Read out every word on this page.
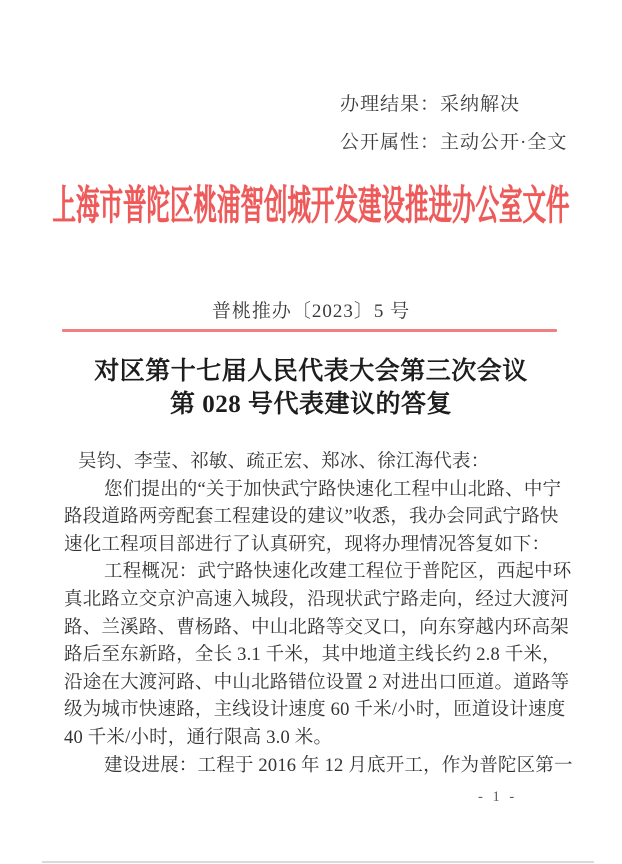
办理结果：采纳解决
公开属性：主动公开·全文
上海市普陀区桃浦智创城开发建设推进办公室文件
普桃推办〔2023〕5 号
对区第十七届人民代表大会第三次会议
第 028 号代表建议的答复
吴钧、李莹、祁敏、疏正宏、郑冰、徐江海代表：
您们提出的“关于加快武宁路快速化工程中山北路、中宁
路段道路两旁配套工程建设的建议”收悉，我办会同武宁路快
速化工程项目部进行了认真研究，现将办理情况答复如下：
工程概况：武宁路快速化改建工程位于普陀区，西起中环
真北路立交京沪高速入城段，沿现状武宁路走向，经过大渡河
路、兰溪路、曹杨路、中山北路等交叉口，向东穿越内环高架
路后至东新路，全长 3.1 千米，其中地道主线长约 2.8 千米，
沿途在大渡河路、中山北路错位设置 2 对进出口匝道。道路等
级为城市快速路，主线设计速度 60 千米/小时，匝道设计速度
40 千米/小时，通行限高 3.0 米。
建设进展：工程于 2016 年 12 月底开工，作为普陀区第一
- 1 -
